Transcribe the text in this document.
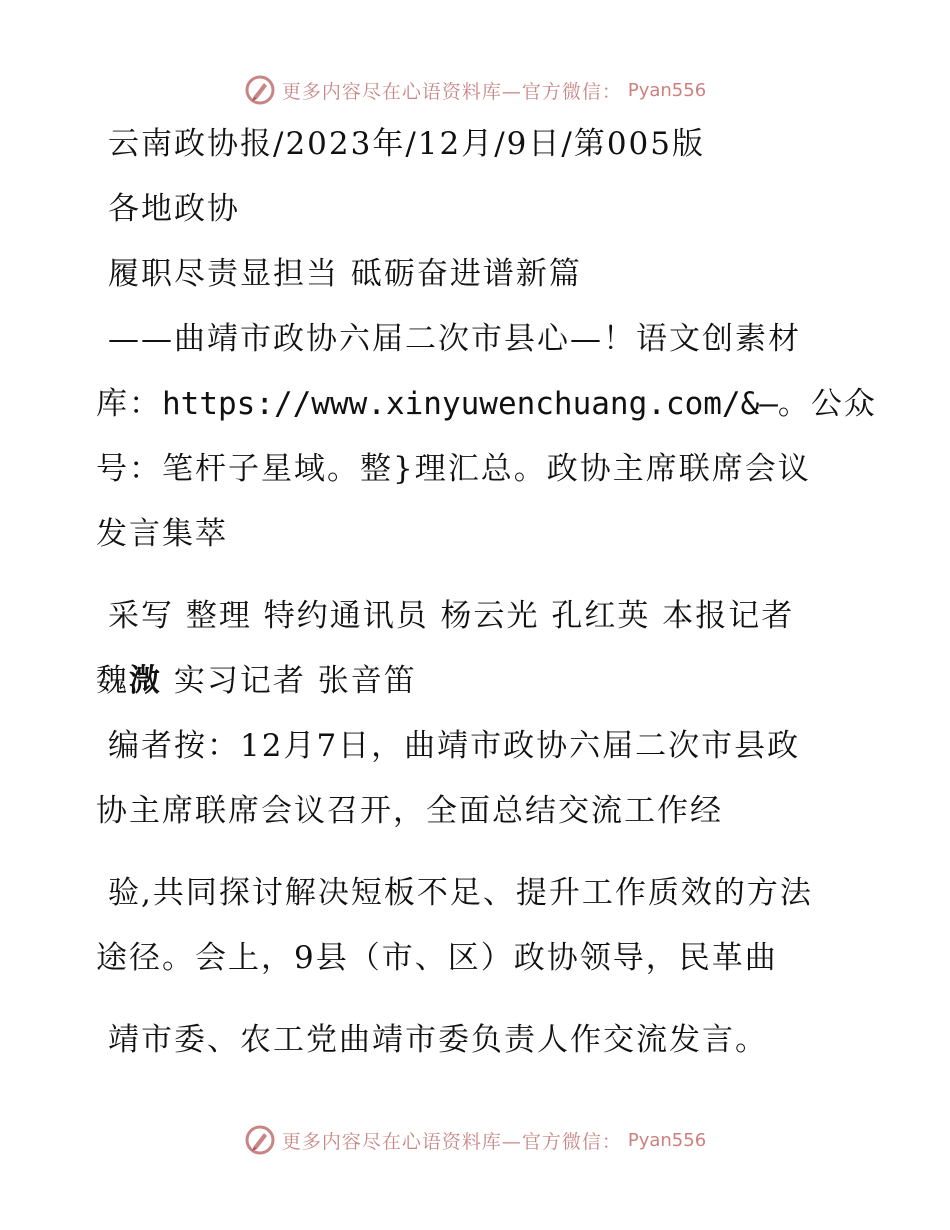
更多内容尽在心语资料库—官方微信： Pyan556
云南政协报/2023年/12月/9日/第005版
各地政协
履职尽责显担当 砥砺奋进谱新篇
——曲靖市政协六届二次市县心—！语文创素材
库：https://www.xinyuwenchuang.com/&—。公众
号：笔杆子星域。整}理汇总。政协主席联席会议
发言集萃
采写 整理 特约通讯员 杨云光 孔红英 本报记者
魏溦 实习记者 张音笛
编者按：12月7日，曲靖市政协六届二次市县政
协主席联席会议召开，全面总结交流工作经
验,共同探讨解决短板不足、提升工作质效的方法
途径。会上，9县（市、区）政协领导，民革曲
靖市委、农工党曲靖市委负责人作交流发言。
更多内容尽在心语资料库—官方微信： Pyan556
